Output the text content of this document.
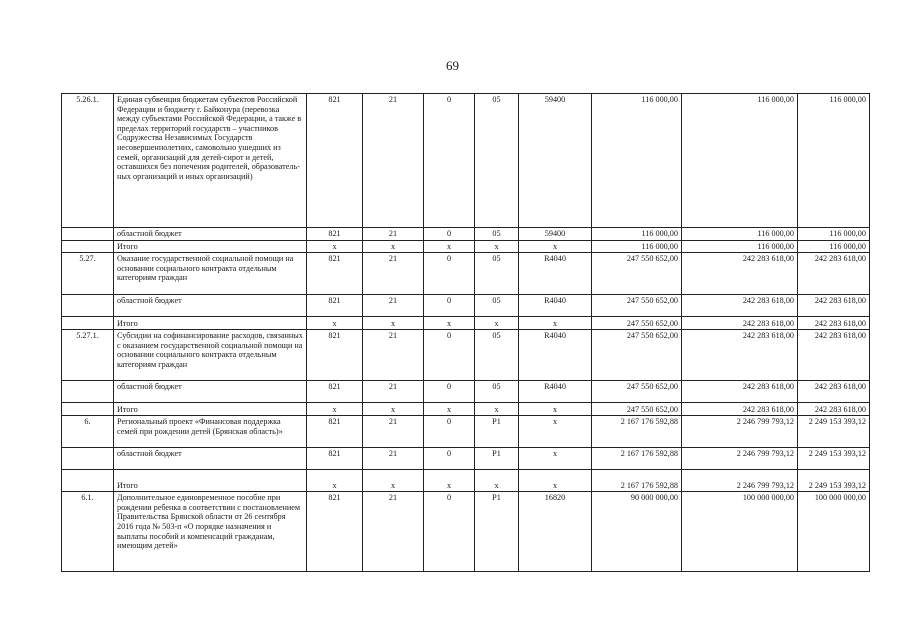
69
5.26.1.	Единая субвенция бюджетам субъектов Российской Федерации и бюджету г. Байконура (перевозка между субъектами Российской Федерации, а также в пределах территорий государств – участников Содружества Независимых Государств несовершеннолетних, самовольно ушедших из семей, организаций для детей-сирот и детей, оставшихся без попечения родителей, образователь-ных организаций и иных организаций)	821	21	0	05	59400	116 000,00	116 000,00	116 000,00
	областной бюджет	821	21	0	05	59400	116 000,00	116 000,00	116 000,00
	Итого	х	х	х	х	х	116 000,00	116 000,00	116 000,00
5.27.	Оказание государственной социальной помощи на основании социального контракта отдельным категориям граждан	821	21	0	05	R4040	247 550 652,00	242 283 618,00	242 283 618,00
	областной бюджет	821	21	0	05	R4040	247 550 652,00	242 283 618,00	242 283 618,00
	Итого	х	х	х	х	х	247 550 652,00	242 283 618,00	242 283 618,00
5.27.1.	Субсидии на софинансирование расходов, связанных с оказанием государственной социальной помощи на основании социального контракта отдельным категориям граждан	821	21	0	05	R4040	247 550 652,00	242 283 618,00	242 283 618,00
	областной бюджет	821	21	0	05	R4040	247 550 652,00	242 283 618,00	242 283 618,00
	Итого	х	х	х	х	х	247 550 652,00	242 283 618,00	242 283 618,00
6.	Региональный проект «Финансовая поддержка семей при рождении детей (Брянская область)»	821	21	0	P1	х	2 167 176 592,88	2 246 799 793,12	2 249 153 393,12
	областной бюджет	821	21	0	P1	х	2 167 176 592,88	2 246 799 793,12	2 249 153 393,12
	Итого	х	х	х	х	х	2 167 176 592,88	2 246 799 793,12	2 249 153 393,12
6.1.	Дополнительное единовременное пособие при рождении ребенка в соответствии с постановлением Правительства Брянской области от 26 сентября 2016 года № 503-п «О порядке назначения и выплаты пособий и компенсаций гражданам, имеющим детей»	821	21	0	P1	16820	90 000 000,00	100 000 000,00	100 000 000,00
